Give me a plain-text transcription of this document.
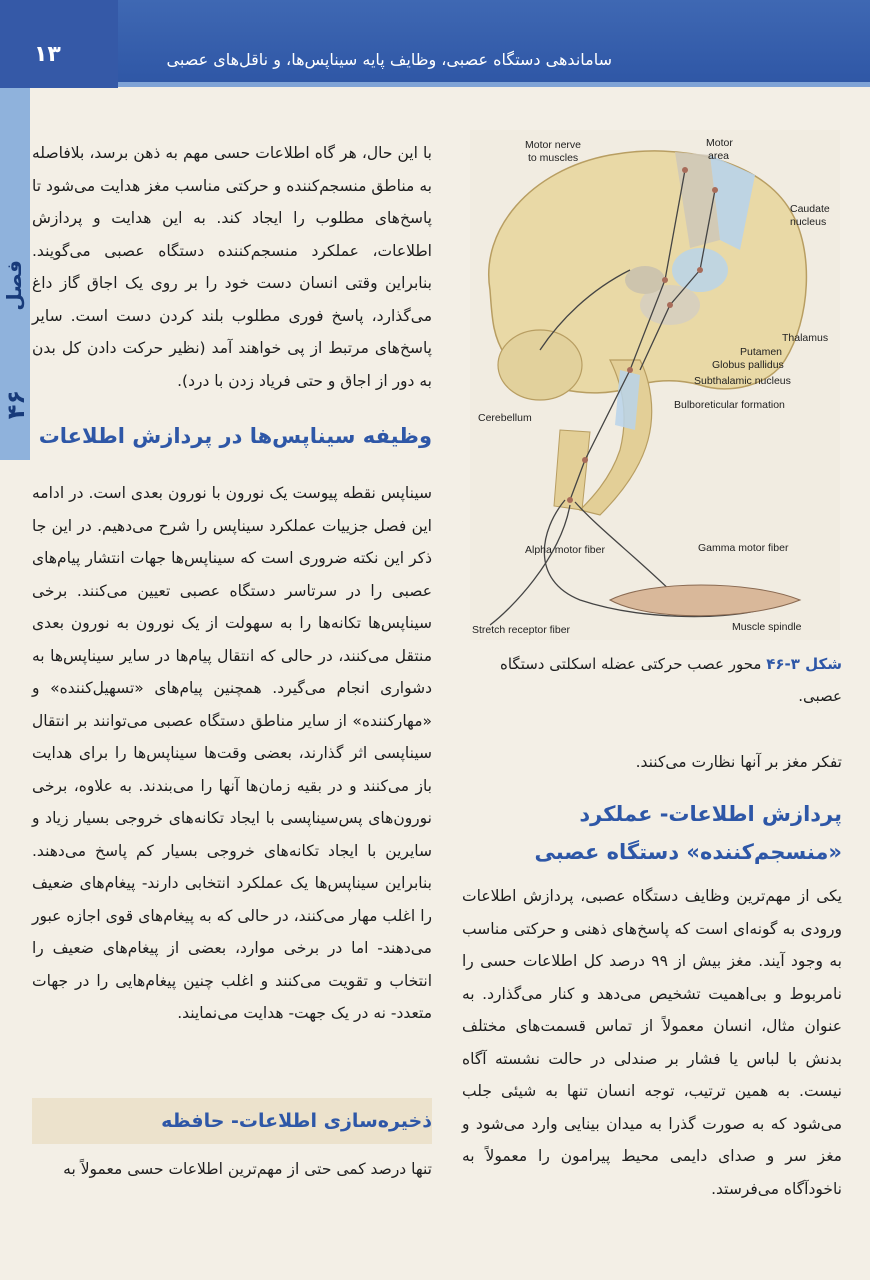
۱۳	ساماندهی دستگاه عصبی، وظایف پایه سیناپس‌ها، و ناقل‌های عصبی
فصل
۴۶

با این حال، هر گاه اطلاعات حسی مهم به ذهن برسد، بلافاصله به مناطق منسجم‌کننده و حرکتی مناسب مغز هدایت می‌شود تا پاسخ‌های مطلوب را ایجاد کند. به این هدایت و پردازش اطلاعات، عملکرد منسجم‌کننده دستگاه عصبی می‌گویند. بنابراین وقتی انسان دست خود را بر روی یک اجاق گاز داغ می‌گذارد، پاسخ فوری مطلوب بلند کردن دست است. سایر پاسخ‌های مرتبط از پی خواهند آمد (نظیر حرکت دادن کل بدن به دور از اجاق و حتی فریاد زدن با درد).

وظیفه سیناپس‌ها در پردازش اطلاعات

سیناپس نقطه پیوست یک نورون با نورون بعدی است. در ادامه این فصل جزییات عملکرد سیناپس را شرح می‌دهیم. در این جا ذکر این نکته ضروری است که سیناپس‌ها جهات انتشار پیام‌های عصبی را در سرتاسر دستگاه عصبی تعیین می‌کنند. برخی سیناپس‌ها تکانه‌ها را به سهولت از یک نورون به نورون بعدی منتقل می‌کنند، در حالی که انتقال پیام‌ها در سایر سیناپس‌ها به دشواری انجام می‌گیرد. همچنین پیام‌های «تسهیل‌کننده» و «مهارکننده» از سایر مناطق دستگاه عصبی می‌توانند بر انتقال سیناپسی اثر گذارند، بعضی وقت‌ها سیناپس‌ها را برای هدایت باز می‌کنند و در بقیه زمان‌ها آنها را می‌بندند. به علاوه، برخی نورون‌های پس‌سیناپسی با ایجاد تکانه‌های خروجی بسیار زیاد و سایرین با ایجاد تکانه‌های خروجی بسیار کم پاسخ می‌دهند. بنابراین سیناپس‌ها یک عملکرد انتخابی دارند- پیغام‌های ضعیف را اغلب مهار می‌کنند، در حالی که به پیغام‌های قوی اجازه عبور می‌دهند- اما در برخی موارد، بعضی از پیغام‌های ضعیف را انتخاب و تقویت می‌کنند و اغلب چنین پیغام‌هایی را در جهات متعدد- نه در یک جهت- هدایت می‌نمایند.

ذخیره‌سازی اطلاعات- حافظه

تنها درصد کمی حتی از مهم‌ترین اطلاعات حسی معمولاً به

Motor nerve
to muscles
Motor
area
Caudate
nucleus
Thalamus
Putamen
Globus pallidus
Subthalamic nucleus
Bulboreticular formation
Cerebellum
Alpha motor fiber	Gamma motor fiber
Muscle spindle
Stretch receptor fiber
شکل ۳-۴۶ محور عصب حرکتی عضله اسکلتی دستگاه عصبی.

تفکر مغز بر آنها نظارت می‌کنند.

پردازش اطلاعات- عملکرد
«منسجم‌کننده» دستگاه عصبی

یکی از مهم‌ترین وظایف دستگاه عصبی، پردازش اطلاعات ورودی به گونه‌ای است که پاسخ‌های ذهنی و حرکتی مناسب به وجود آیند. مغز بیش از ۹۹ درصد کل اطلاعات حسی را نامربوط و بی‌اهمیت تشخیص می‌دهد و کنار می‌گذارد. به عنوان مثال، انسان معمولاً از تماس قسمت‌های مختلف بدنش با لباس یا فشار بر صندلی در حالت نشسته آگاه نیست. به همین ترتیب، توجه انسان تنها به شیئی جلب می‌شود که به صورت گذرا به میدان بینایی وارد می‌شود و مغز سر و صدای دایمی محیط پیرامون را معمولاً به ناخودآگاه می‌فرستد.
